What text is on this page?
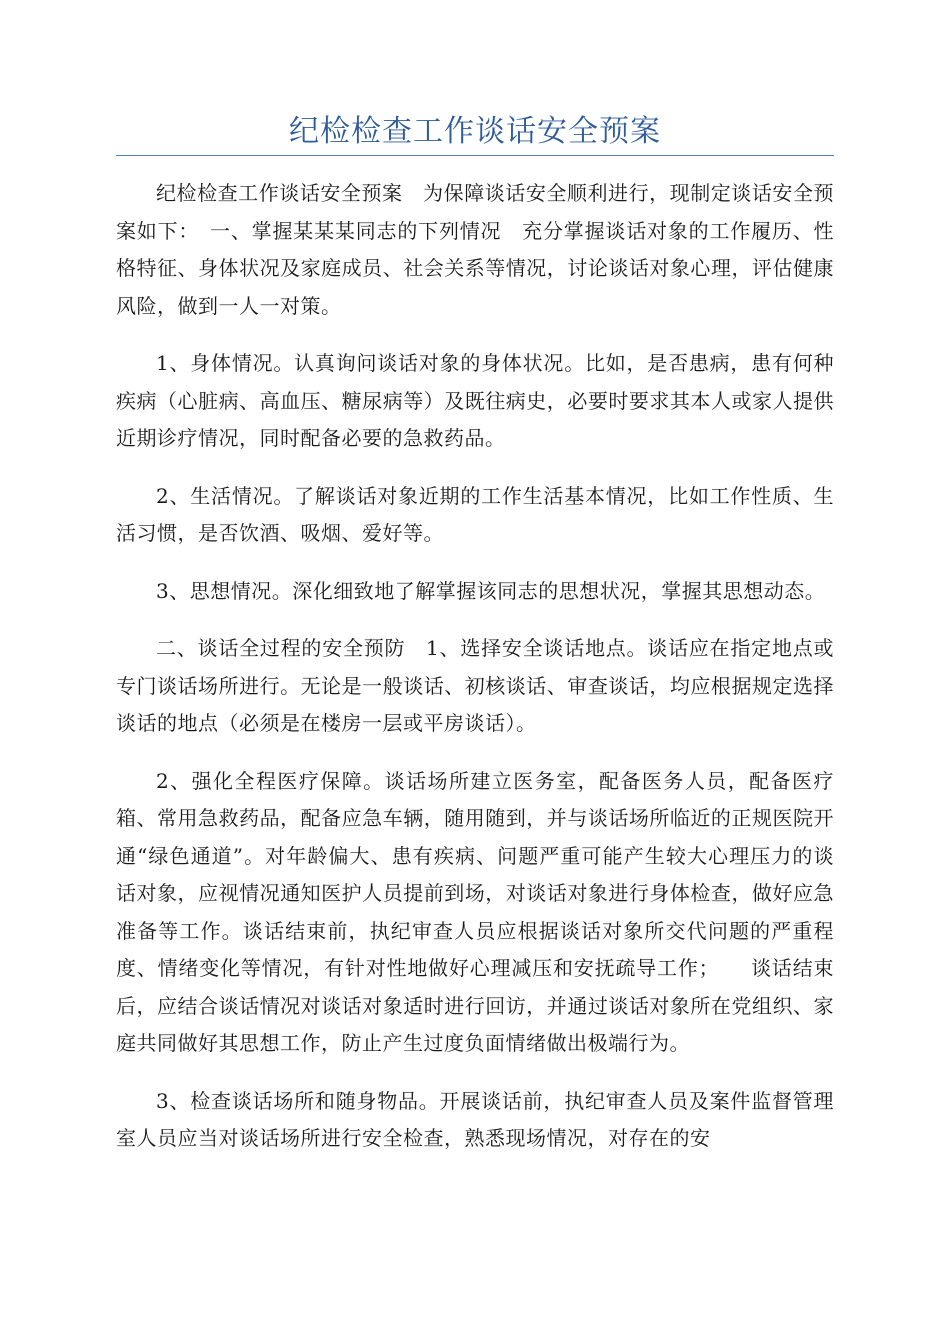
纪检检查工作谈话安全预案

纪检检查工作谈话安全预案　为保障谈话安全顺利进行，现制定谈话安全预案如下：　一、掌握某某某同志的下列情况　充分掌握谈话对象的工作履历、性格特征、身体状况及家庭成员、社会关系等情况，讨论谈话对象心理，评估健康风险，做到一人一对策。

1、身体情况。认真询问谈话对象的身体状况。比如，是否患病，患有何种疾病（心脏病、高血压、糖尿病等）及既往病史，必要时要求其本人或家人提供近期诊疗情况，同时配备必要的急救药品。

2、生活情况。了解谈话对象近期的工作生活基本情况，比如工作性质、生活习惯，是否饮酒、吸烟、爱好等。

3、思想情况。深化细致地了解掌握该同志的思想状况，掌握其思想动态。

二、谈话全过程的安全预防　1、选择安全谈话地点。谈话应在指定地点或专门谈话场所进行。无论是一般谈话、初核谈话、审查谈话，均应根据规定选择谈话的地点（必须是在楼房一层或平房谈话）。

2、强化全程医疗保障。谈话场所建立医务室，配备医务人员，配备医疗箱、常用急救药品，配备应急车辆，随用随到，并与谈话场所临近的正规医院开通“绿色通道”。对年龄偏大、患有疾病、问题严重可能产生较大心理压力的谈话对象，应视情况通知医护人员提前到场，对谈话对象进行身体检查，做好应急准备等工作。谈话结束前，执纪审查人员应根据谈话对象所交代问题的严重程度、情绪变化等情况，有针对性地做好心理减压和安抚疏导工作；　　谈话结束后，应结合谈话情况对谈话对象适时进行回访，并通过谈话对象所在党组织、家庭共同做好其思想工作，防止产生过度负面情绪做出极端行为。

3、检查谈话场所和随身物品。开展谈话前，执纪审查人员及案件监督管理室人员应当对谈话场所进行安全检查，熟悉现场情况，对存在的安
